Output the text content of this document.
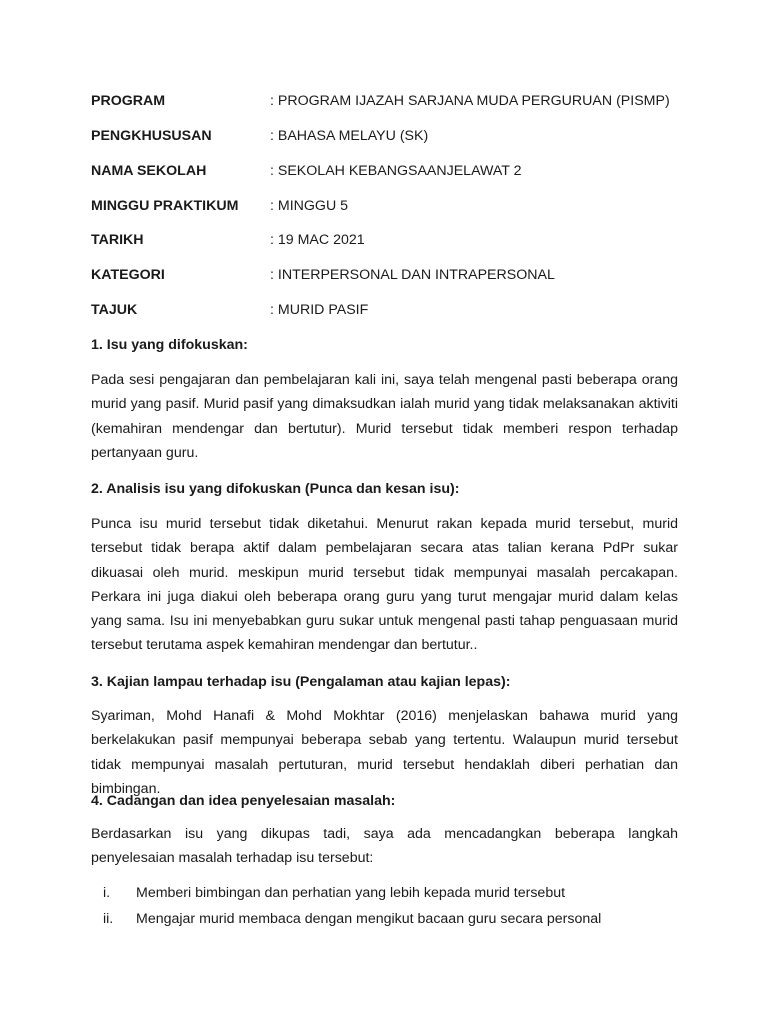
PROGRAM	: PROGRAM IJAZAH SARJANA MUDA PERGURUAN (PISMP)
PENGKHUSUSAN	: BAHASA MELAYU (SK)
NAMA SEKOLAH	: SEKOLAH KEBANGSAANJELAWAT 2
MINGGU PRAKTIKUM : MINGGU 5
TARIKH	: 19 MAC 2021
KATEGORI	: INTERPERSONAL DAN INTRAPERSONAL
TAJUK	: MURID PASIF
1. Isu yang difokuskan:
Pada sesi pengajaran dan pembelajaran kali ini, saya telah mengenal pasti beberapa orang murid yang pasif. Murid pasif yang dimaksudkan ialah murid yang tidak melaksanakan aktiviti (kemahiran mendengar dan bertutur). Murid tersebut tidak memberi respon terhadap pertanyaan guru.
2. Analisis isu yang difokuskan (Punca dan kesan isu):
Punca isu murid tersebut tidak diketahui. Menurut rakan kepada murid tersebut, murid tersebut tidak berapa aktif dalam pembelajaran secara atas talian kerana PdPr sukar dikuasai oleh murid. meskipun murid tersebut tidak mempunyai masalah percakapan. Perkara ini juga diakui oleh beberapa orang guru yang turut mengajar murid dalam kelas yang sama. Isu ini menyebabkan guru sukar untuk mengenal pasti tahap penguasaan murid tersebut terutama aspek kemahiran mendengar dan bertutur..
3. Kajian lampau terhadap isu (Pengalaman atau kajian lepas):
Syariman, Mohd Hanafi & Mohd Mokhtar (2016) menjelaskan bahawa murid yang berkelakukan pasif mempunyai beberapa sebab yang tertentu. Walaupun murid tersebut tidak mempunyai masalah pertuturan, murid tersebut hendaklah diberi perhatian dan bimbingan.
4. Cadangan dan idea penyelesaian masalah:
Berdasarkan isu yang dikupas tadi, saya ada mencadangkan beberapa langkah penyelesaian masalah terhadap isu tersebut:
i. Memberi bimbingan dan perhatian yang lebih kepada murid tersebut
ii. Mengajar murid membaca dengan mengikut bacaan guru secara personal
